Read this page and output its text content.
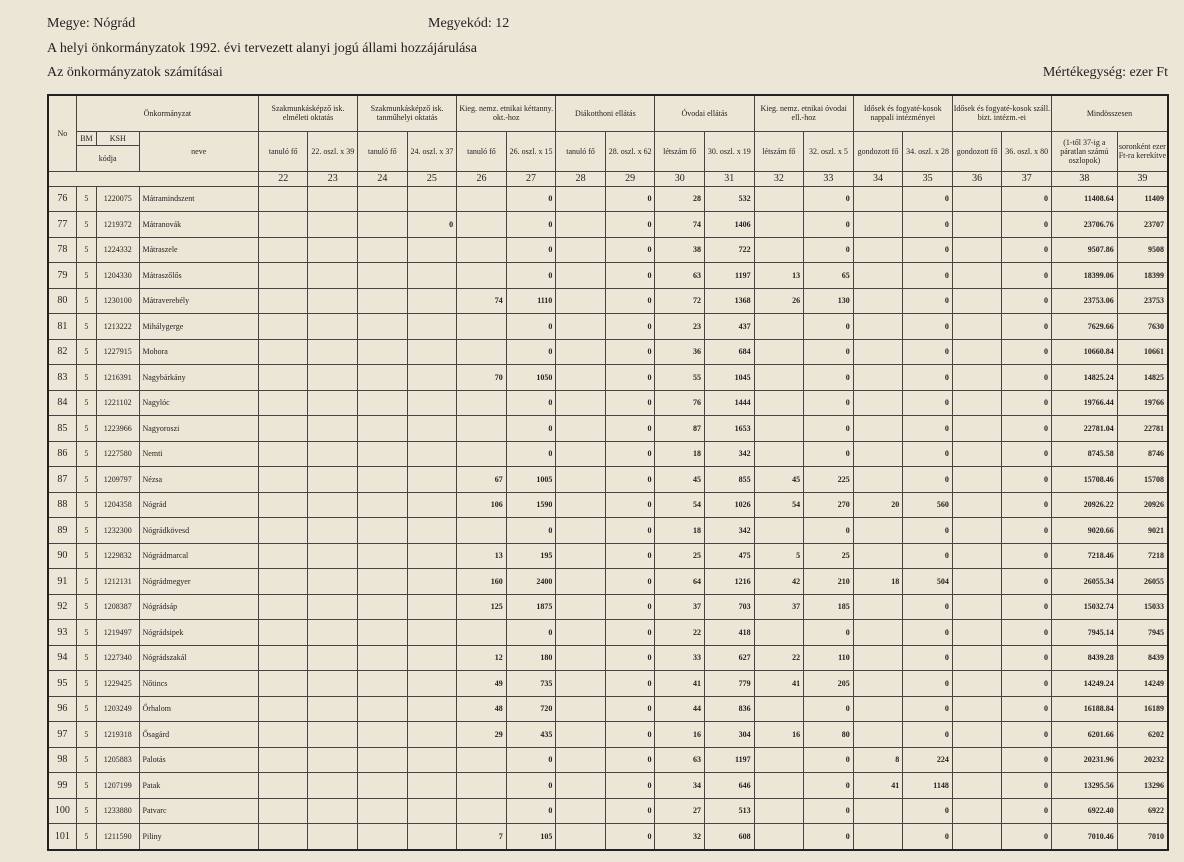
Megye: Nógrád	Megyekód: 12
A helyi önkormányzatok 1992. évi tervezett alanyi jogú állami hozzájárulása
Az önkormányzatok számításai	Mértékegység: ezer Ft
No	Önkormányzat			Szakmunkásképző isk. elméleti oktatás		Szakmunkásképző isk. tanműhelyi oktatás		Kieg. nemz. etnikai kéttanny. okt.-hoz		Diákotthoni ellátás		Óvodai ellátás		Kieg. nemz. etnikai óvodai ell.-hoz		Idősek és fogyaté-kosok nappali intézményei		Idősek és fogyaté-kosok száll. bizt. intézm.-ei		Mindösszesen	
	BM	KSH	neve	tanuló fő	22. oszl. x 39	tanuló fő	24. oszl. x 37	tanuló fő	26. oszl. x 15	tanuló fő	28. oszl. x 62	létszám fő	30. oszl. x 19	létszám fő	32. oszl. x 5	gondozott fő	34. oszl. x 28	gondozott fő	36. oszl. x 80	(1-től 37-ig a páratlan számú oszlopok)	soronként ezer Ft-ra kerekítve
	kódja																				
				22	23	24	25	26	27	28	29	30	31	32	33	34	35	36	37	38	39
76	5	1220075	Mátramindszent						0		0	28	532		0		0		0	11408.64	11409
77	5	1219372	Mátranovák				0		0		0	74	1406		0		0		0	23706.76	23707
78	5	1224332	Mátraszele						0		0	38	722		0		0		0	9507.86	9508
79	5	1204330	Mátraszőlős						0		0	63	1197	13	65		0		0	18399.06	18399
80	5	1230100	Mátraverebély					74	1110		0	72	1368	26	130		0		0	23753.06	23753
81	5	1213222	Mihálygerge						0		0	23	437		0		0		0	7629.66	7630
82	5	1227915	Mohora						0		0	36	684		0		0		0	10660.84	10661
83	5	1216391	Nagybárkány					70	1050		0	55	1045		0		0		0	14825.24	14825
84	5	1221102	Nagylóc						0		0	76	1444		0		0		0	19766.44	19766
85	5	1223966	Nagyoroszi						0		0	87	1653		0		0		0	22781.04	22781
86	5	1227580	Nemti						0		0	18	342		0		0		0	8745.58	8746
87	5	1209797	Nézsa					67	1005		0	45	855	45	225		0		0	15708.46	15708
88	5	1204358	Nógrád					106	1590		0	54	1026	54	270	20	560		0	20926.22	20926
89	5	1232300	Nógrádkövesd						0		0	18	342		0		0		0	9020.66	9021
90	5	1229832	Nógrádmarcal					13	195		0	25	475	5	25		0		0	7218.46	7218
91	5	1212131	Nógrádmegyer					160	2400		0	64	1216	42	210	18	504		0	26055.34	26055
92	5	1208387	Nógrádsáp					125	1875		0	37	703	37	185		0		0	15032.74	15033
93	5	1219497	Nógrádsipek						0		0	22	418		0		0		0	7945.14	7945
94	5	1227340	Nógrádszakál					12	180		0	33	627	22	110		0		0	8439.28	8439
95	5	1229425	Nőtincs					49	735		0	41	779	41	205		0		0	14249.24	14249
96	5	1203249	Őrhalom					48	720		0	44	836		0		0		0	16188.84	16189
97	5	1219318	Ősagárd					29	435		0	16	304	16	80		0		0	6201.66	6202
98	5	1205883	Palotás						0		0	63	1197		0	8	224		0	20231.96	20232
99	5	1207199	Patak						0		0	34	646		0	41	1148		0	13295.56	13296
100	5	1233880	Patvarc						0		0	27	513		0		0		0	6922.40	6922
101	5	1211590	Piliny					7	105		0	32	608		0		0		0	7010.46	7010
